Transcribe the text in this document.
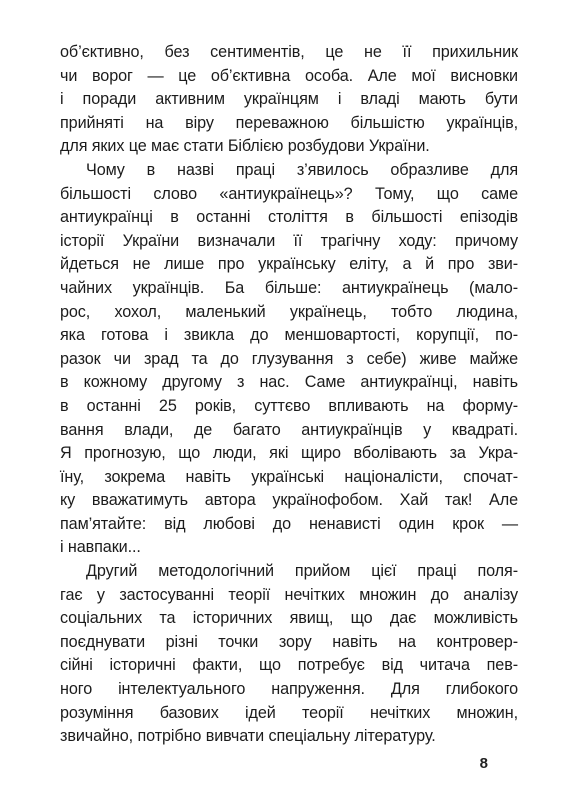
об’єктивно, без сентиментів, це не її прихильник
чи ворог — це об’єктивна особа. Але мої висновки
і поради активним українцям і владі мають бути
прийняті на віру переважною більшістю українців,
для яких це має стати Біблією розбудови України.
Чому в назві праці з’явилось образливе для
більшості слово «антиукраїнець»? Тому, що саме
антиукраїнці в останні століття в більшості епізодів
історії України визначали її трагічну ходу: причому
йдеться не лише про українську еліту, а й про зви-
чайних українців. Ба більше: антиукраїнець (мало-
рос, хохол, маленький українець, тобто людина,
яка готова і звикла до меншовартості, корупції, по-
разок чи зрад та до глузування з себе) живе майже
в кожному другому з нас. Саме антиукраїнці, навіть
в останні 25 років, суттєво впливають на форму-
вання влади, де багато антиукраїнців у квадраті.
Я прогнозую, що люди, які щиро вболівають за Укра-
їну, зокрема навіть українські націоналісти, спочат-
ку вважатимуть автора українофобом. Хай так! Але
пам’ятайте: від любові до ненависті один крок —
і навпаки...
Другий методологічний прийом цієї праці поля-
гає у застосуванні теорії нечітких множин до аналізу
соціальних та історичних явищ, що дає можливість
поєднувати різні точки зору навіть на контровер-
сійні історичні факти, що потребує від читача пев-
ного інтелектуального напруження. Для глибокого
розуміння базових ідей теорії нечітких множин,
звичайно, потрібно вивчати спеціальну літературу.
8
